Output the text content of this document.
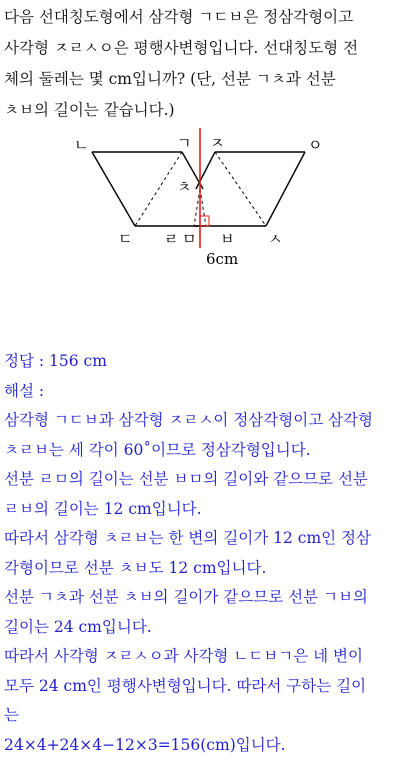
다음 선대칭도형에서 삼각형 ㄱㄷㅂ은 정삼각형이고
사각형 ㅈㄹㅅㅇ은 평행사변형입니다. 선대칭도형 전
체의 둘레는 몇 cm입니까? (단, 선분 ㄱㅊ과 선분
ㅊㅂ의 길이는 같습니다.)
ㄴ	ㄱ ㅈ	ㅇ
ㅊ
ㄷ ㄹ ㅁ ㅂ ㅅ
6cm
정답 : 156 cm
해설 :
삼각형 ㄱㄷㅂ과 삼각형 ㅈㄹㅅ이 정삼각형이고 삼각형
ㅊㄹㅂ는 세 각이 60˚이므로 정삼각형입니다.
선분 ㄹㅁ의 길이는 선분 ㅂㅁ의 길이와 같으므로 선분
ㄹㅂ의 길이는 12 cm입니다.
따라서 삼각형 ㅊㄹㅂ는 한 변의 길이가 12 cm인 정삼
각형이므로 선분 ㅊㅂ도 12 cm입니다.
선분 ㄱㅊ과 선분 ㅊㅂ의 길이가 같으므로 선분 ㄱㅂ의
길이는 24 cm입니다.
따라서 사각형 ㅈㄹㅅㅇ과 사각형 ㄴㄷㅂㄱ은 네 변이
모두 24 cm인 평행사변형입니다. 따라서 구하는 길이
는
24×4+24×4−12×3=156(cm)입니다.
